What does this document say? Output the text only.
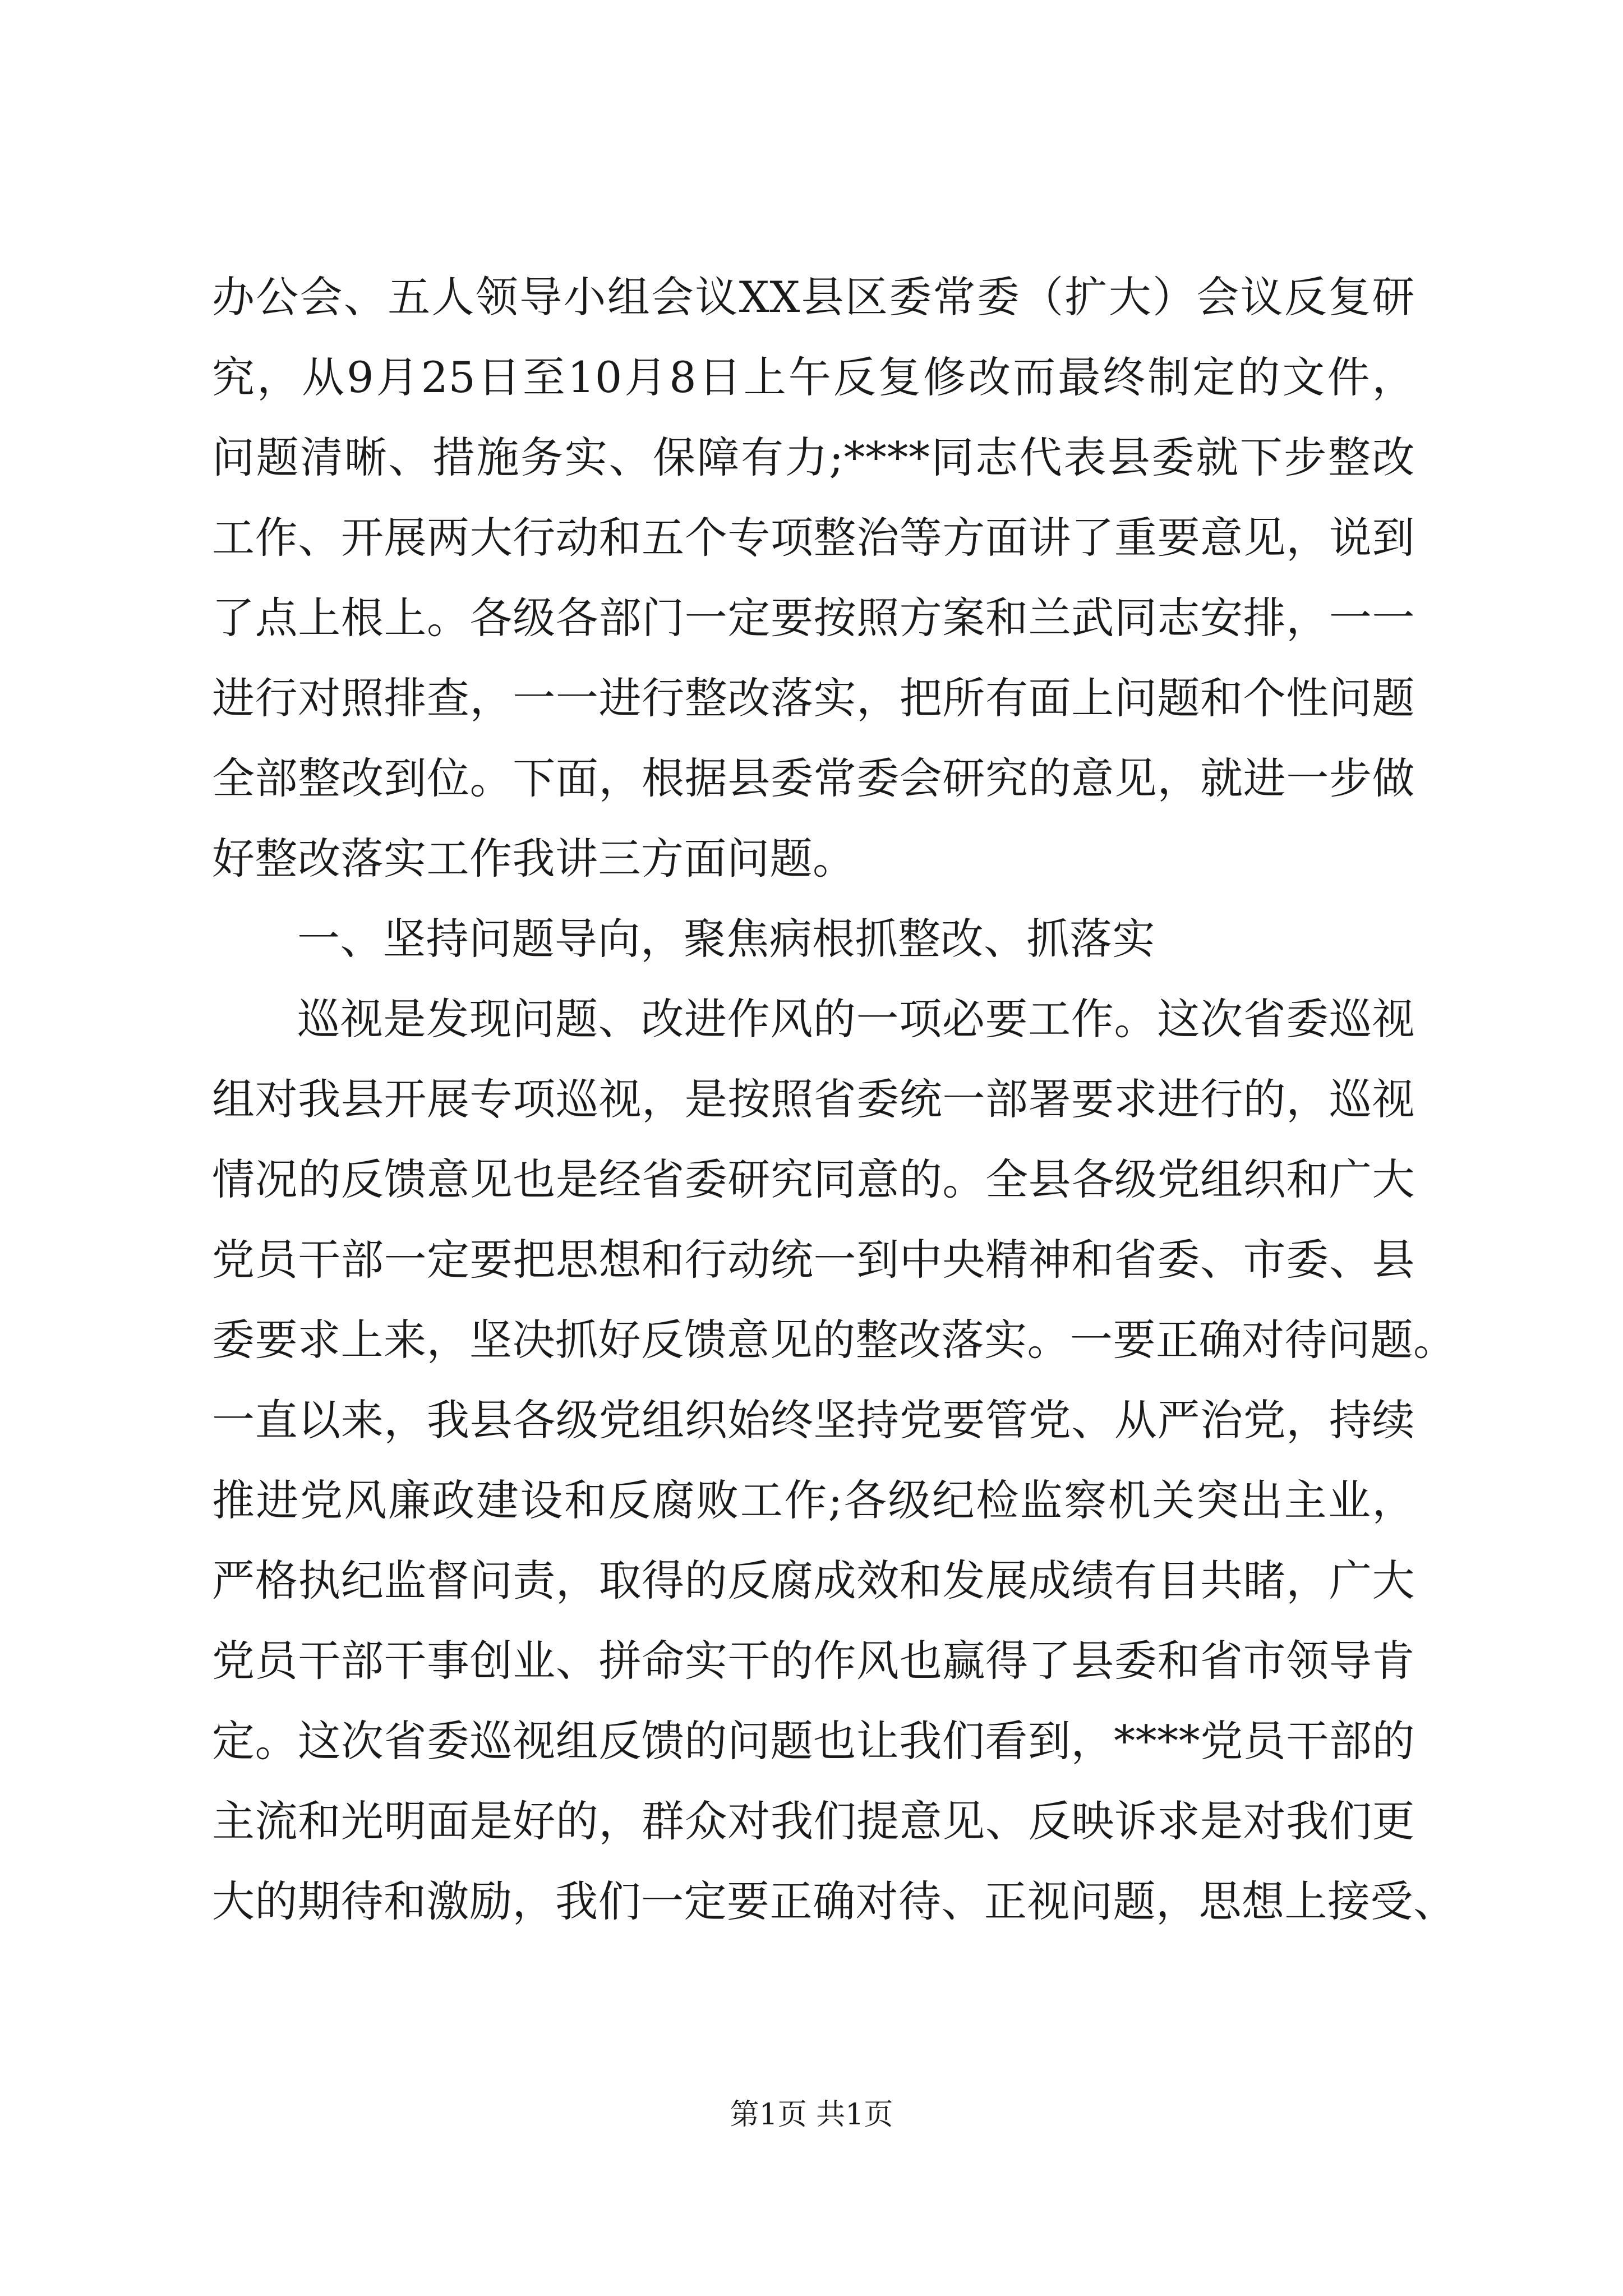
办公会、五人领导小组会议XX县区委常委（扩大）会议反复研
究，从9月25日至10月8日上午反复修改而最终制定的文件，
问题清晰、措施务实、保障有力;****同志代表县委就下步整改
工作、开展两大行动和五个专项整治等方面讲了重要意见，说到
了点上根上。各级各部门一定要按照方案和兰武同志安排，一一
进行对照排查，一一进行整改落实，把所有面上问题和个性问题
全部整改到位。下面，根据县委常委会研究的意见，就进一步做
好整改落实工作我讲三方面问题。
一、坚持问题导向，聚焦病根抓整改、抓落实
巡视是发现问题、改进作风的一项必要工作。这次省委巡视
组对我县开展专项巡视，是按照省委统一部署要求进行的，巡视
情况的反馈意见也是经省委研究同意的。全县各级党组织和广大
党员干部一定要把思想和行动统一到中央精神和省委、市委、县
委要求上来，坚决抓好反馈意见的整改落实。一要正确对待问题。
一直以来，我县各级党组织始终坚持党要管党、从严治党，持续
推进党风廉政建设和反腐败工作;各级纪检监察机关突出主业，
严格执纪监督问责，取得的反腐成效和发展成绩有目共睹，广大
党员干部干事创业、拼命实干的作风也赢得了县委和省市领导肯
定。这次省委巡视组反馈的问题也让我们看到，****党员干部的
主流和光明面是好的，群众对我们提意见、反映诉求是对我们更
大的期待和激励，我们一定要正确对待、正视问题，思想上接受、
第1页 共1页
